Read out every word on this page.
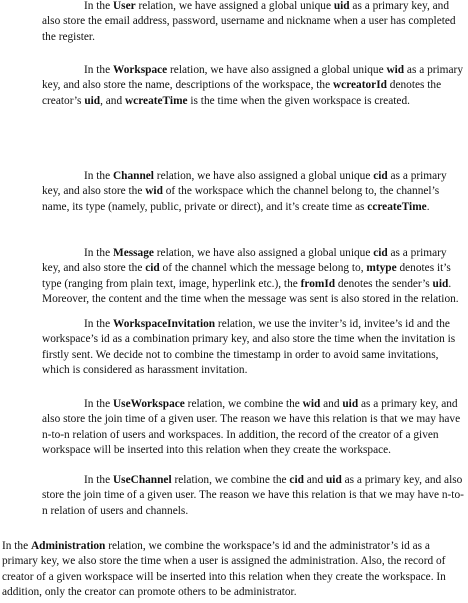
In the User relation, we have assigned a global unique uid as a primary key, and also store the email address, password, username and nickname when a user has completed the register.

In the Workspace relation, we have also assigned a global unique wid as a primary key, and also store the name, descriptions of the workspace, the wcreatorId denotes the creator’s uid, and wcreateTime is the time when the given workspace is created.

In the Channel relation, we have also assigned a global unique cid as a primary key, and also store the wid of the workspace which the channel belong to, the channel’s name, its type (namely, public, private or direct), and it’s create time as ccreateTime.

In the Message relation, we have also assigned a global unique cid as a primary key, and also store the cid of the channel which the message belong to, mtype denotes it’s type (ranging from plain text, image, hyperlink etc.), the fromId denotes the sender’s uid. Moreover, the content and the time when the message was sent is also stored in the relation.

In the WorkspaceInvitation relation, we use the inviter’s id, invitee’s id and the workspace’s id as a combination primary key, and also store the time when the invitation is firstly sent. We decide not to combine the timestamp in order to avoid same invitations, which is considered as harassment invitation.

In the UseWorkspace relation, we combine the wid and uid as a primary key, and also store the join time of a given user. The reason we have this relation is that we may have n-to-n relation of users and workspaces. In addition, the record of the creator of a given workspace will be inserted into this relation when they create the workspace.

In the UseChannel relation, we combine the cid and uid as a primary key, and also store the join time of a given user. The reason we have this relation is that we may have n-to-n relation of users and channels.

In the Administration relation, we combine the workspace’s id and the administrator’s id as a primary key, we also store the time when a user is assigned the administration. Also, the record of creator of a given workspace will be inserted into this relation when they create the workspace. In addition, only the creator can promote others to be administrator.
